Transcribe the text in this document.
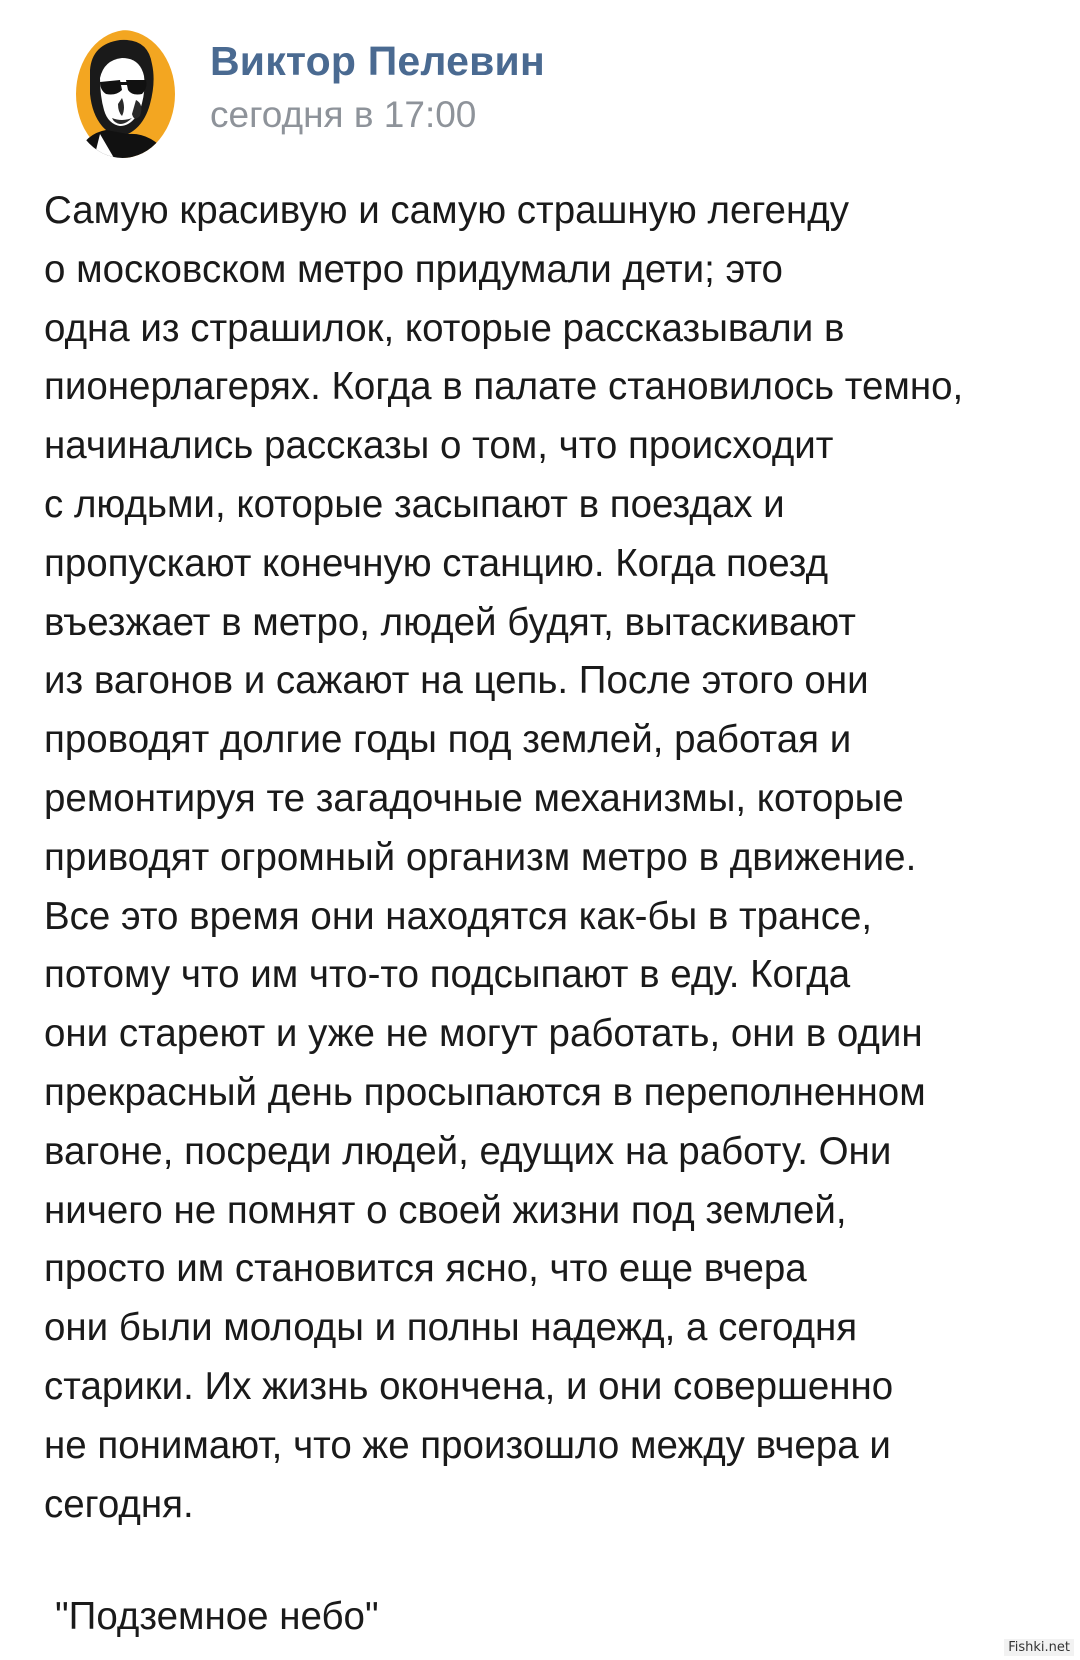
Виктор Пелевин
сегодня в 17:00
Самую красивую и самую страшную легенду
о московском метро придумали дети; это
одна из страшилок, которые рассказывали в
пионерлагерях. Когда в палате становилось темно,
начинались рассказы о том, что происходит
с людьми, которые засыпают в поездах и
пропускают конечную станцию. Когда поезд
въезжает в метро, людей будят, вытаскивают
из вагонов и сажают на цепь. После этого они
проводят долгие годы под землей, работая и
ремонтируя те загадочные механизмы, которые
приводят огромный организм метро в движение.
Все это время они находятся как-бы в трансе,
потому что им что-то подсыпают в еду. Когда
они стареют и уже не могут работать, они в один
прекрасный день просыпаются в переполненном
вагоне, посреди людей, едущих на работу. Они
ничего не помнят о своей жизни под землей,
просто им становится ясно, что еще вчера
они были молоды и полны надежд, а сегодня
старики. Их жизнь окончена, и они совершенно
не понимают, что же произошло между вчера и
сегодня.
"Подземное небо"
Fishki.net
